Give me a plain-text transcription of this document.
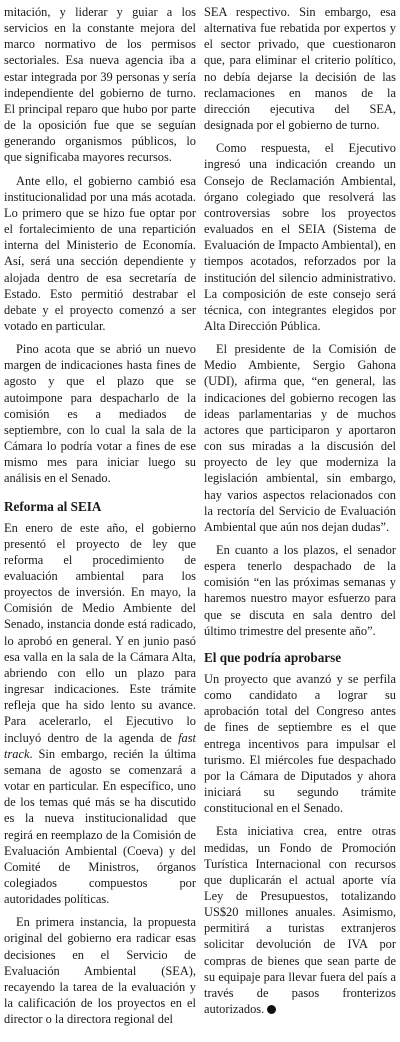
mitación, y liderar y guiar a los servicios en la constante mejora del marco normativo de los permisos sectoriales. Esa nueva agencia iba a estar integrada por 39 personas y sería independiente del gobierno de turno. El principal reparo que hubo por parte de la oposición fue que se seguían generando organismos públicos, lo que significaba mayores recursos.

Ante ello, el gobierno cambió esa institucionalidad por una más acotada. Lo primero que se hizo fue optar por el fortalecimiento de una repartición interna del Ministerio de Economía. Así, será una sección dependiente y alojada dentro de esa secretaría de Estado. Esto permitió destrabar el debate y el proyecto comenzó a ser votado en particular.

Pino acota que se abrió un nuevo margen de indicaciones hasta fines de agosto y que el plazo que se autoimpone para despacharlo de la comisión es a mediados de septiembre, con lo cual la sala de la Cámara lo podría votar a fines de ese mismo mes para iniciar luego su análisis en el Senado.

Reforma al SEIA

En enero de este año, el gobierno presentó el proyecto de ley que reforma el procedimiento de evaluación ambiental para los proyectos de inversión. En mayo, la Comisión de Medio Ambiente del Senado, instancia donde está radicado, lo aprobó en general. Y en junio pasó esa valla en la sala de la Cámara Alta, abriendo con ello un plazo para ingresar indicaciones. Este trámite refleja que ha sido lento su avance. Para acelerarlo, el Ejecutivo lo incluyó dentro de la agenda de fast track. Sin embargo, recién la última semana de agosto se comenzará a votar en particular. En específico, uno de los temas qué más se ha discutido es la nueva institucionalidad que regirá en reemplazo de la Comisión de Evaluación Ambiental (Coeva) y del Comité de Ministros, órganos colegiados compuestos por autoridades políticas.

En primera instancia, la propuesta original del gobierno era radicar esas decisiones en el Servicio de Evaluación Ambiental (SEA), recayendo la tarea de la evaluación y la calificación de los proyectos en el director o la directora regional del

SEA respectivo. Sin embargo, esa alternativa fue rebatida por expertos y el sector privado, que cuestionaron que, para eliminar el criterio político, no debía dejarse la decisión de las reclamaciones en manos de la dirección ejecutiva del SEA, designada por el gobierno de turno.

Como respuesta, el Ejecutivo ingresó una indicación creando un Consejo de Reclamación Ambiental, órgano colegiado que resolverá las controversias sobre los proyectos evaluados en el SEIA (Sistema de Evaluación de Impacto Ambiental), en tiempos acotados, reforzados por la institución del silencio administrativo. La composición de este consejo será técnica, con integrantes elegidos por Alta Dirección Pública.

El presidente de la Comisión de Medio Ambiente, Sergio Gahona (UDI), afirma que, “en general, las indicaciones del gobierno recogen las ideas parlamentarias y de muchos actores que participaron y aportaron con sus miradas a la discusión del proyecto de ley que moderniza la legislación ambiental, sin embargo, hay varios aspectos relacionados con la rectoría del Servicio de Evaluación Ambiental que aún nos dejan dudas”.

En cuanto a los plazos, el senador espera tenerlo despachado de la comisión “en las próximas semanas y haremos nuestro mayor esfuerzo para que se discuta en sala dentro del último trimestre del presente año”.

El que podría aprobarse

Un proyecto que avanzó y se perfila como candidato a lograr su aprobación total del Congreso antes de fines de septiembre es el que entrega incentivos para impulsar el turismo. El miércoles fue despachado por la Cámara de Diputados y ahora iniciará su segundo trámite constitucional en el Senado.

Esta iniciativa crea, entre otras medidas, un Fondo de Promoción Turística Internacional con recursos que duplicarán el actual aporte vía Ley de Presupuestos, totalizando US$20 millones anuales. Asimismo, permitirá a turistas extranjeros solicitar devolución de IVA por compras de bienes que sean parte de su equipaje para llevar fuera del país a través de pasos fronterizos autorizados.
